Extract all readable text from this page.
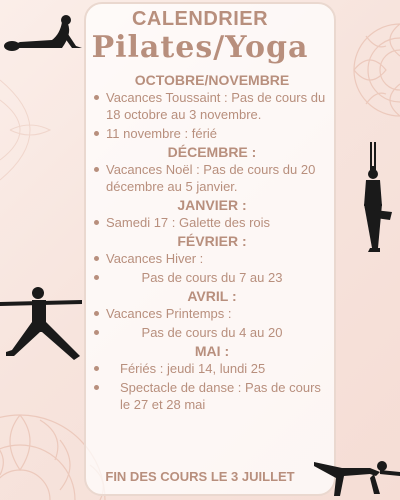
CALENDRIER
Pilates/Yoga
OCTOBRE/NOVEMBRE
Vacances Toussaint : Pas de cours du 18 octobre au 3 novembre.
11 novembre : férié
DÉCEMBRE :
Vacances Noël : Pas de cours du 20 décembre au 5 janvier.
JANVIER :
Samedi 17 : Galette des rois
FÉVRIER :
Vacances Hiver :
Pas de cours du 7 au 23
AVRIL :
Vacances Printemps :
Pas de cours du 4 au 20
MAI :
Fériés : jeudi 14, lundi 25
Spectacle de danse : Pas de cours le 27 et 28 mai
FIN DES COURS LE 3 JUILLET
